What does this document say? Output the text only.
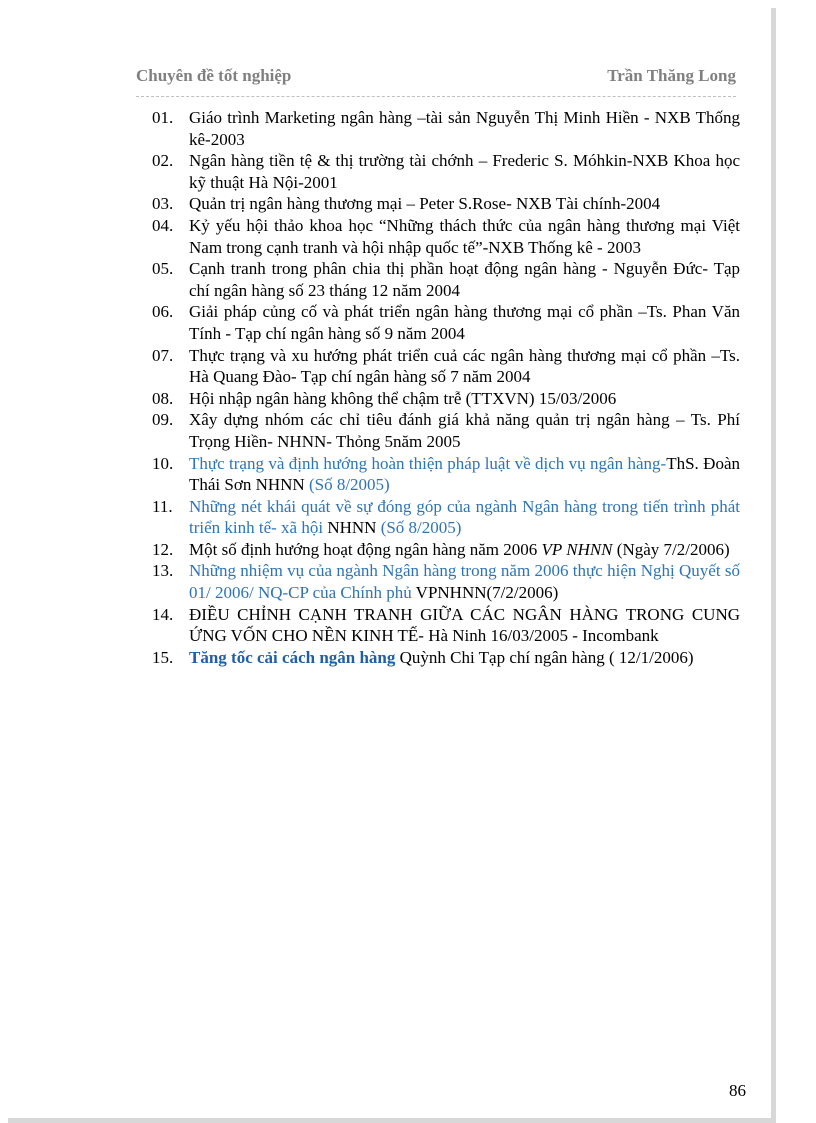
Chuyên đề tốt nghiệp	Trần Thăng Long
01. Giáo trình Marketing ngân hàng –tài sản Nguyễn Thị Minh Hiền - NXB Thống kê-2003
02. Ngân hàng tiền tệ & thị trường tài chớnh – Frederic S. Móhkin-NXB Khoa học kỹ thuật Hà Nội-2001
03. Quản trị ngân hàng thương mại – Peter S.Rose- NXB Tài chính-2004
04. Kỷ yếu hội thảo khoa học “Những thách thức của ngân hàng thương mại Việt Nam trong cạnh tranh và hội nhập quốc tế”-NXB Thống kê - 2003
05. Cạnh tranh trong phân chia thị phần hoạt động ngân hàng - Nguyễn Đức- Tạp chí ngân hàng số 23 tháng 12 năm 2004
06. Giải pháp củng cố và phát triển ngân hàng thương mại cổ phần –Ts. Phan Văn Tính - Tạp chí ngân hàng số 9 năm 2004
07. Thực trạng và xu hướng phát triển cuả các ngân hàng thương mại cổ phần –Ts. Hà Quang Đào- Tạp chí ngân hàng số 7 năm 2004
08. Hội nhập ngân hàng không thể chậm trễ (TTXVN) 15/03/2006
09. Xây dựng nhóm các chỉ tiêu đánh giá khả năng quản trị ngân hàng – Ts. Phí Trọng Hiền- NHNN- Thỏng 5năm 2005
10. Thực trạng và định hướng hoàn thiện pháp luật về dịch vụ ngân hàng-ThS. Đoàn Thái Sơn NHNN (Số 8/2005)
11. Những nét khái quát về sự đóng góp của ngành Ngân hàng trong tiến trình phát triển kinh tế- xã hội NHNN (Số 8/2005)
12. Một số định hướng hoạt động ngân hàng năm 2006 VP NHNN (Ngày 7/2/2006)
13. Những nhiệm vụ của ngành Ngân hàng trong năm 2006 thực hiện Nghị Quyết số 01/ 2006/ NQ-CP của Chính phủ VPNHNN(7/2/2006)
14. ĐIỀU CHỈNH CẠNH TRANH GIỮA CÁC NGÂN HÀNG TRONG CUNG ỨNG VỐN CHO NỀN KINH TẾ- Hà Ninh 16/03/2005 - Incombank
15. Tăng tốc cải cách ngân hàng Quỳnh Chi Tạp chí ngân hàng ( 12/1/2006)
86
